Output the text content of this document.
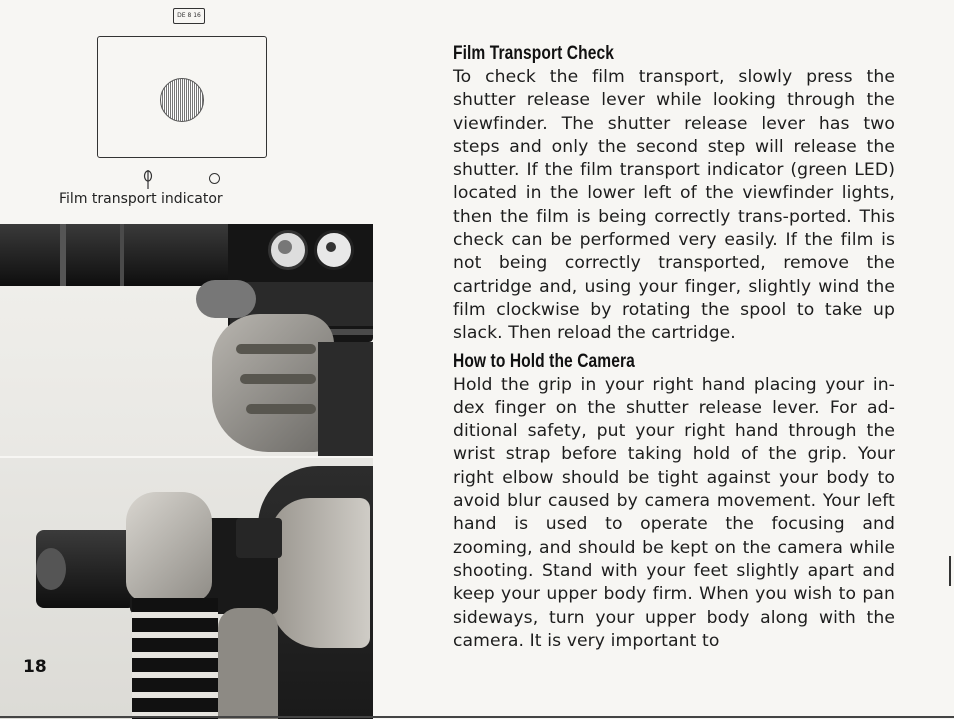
DE 8 16
Film transport indicator
18
Film Transport Check

To check the film transport, slowly press the shutter release lever while looking through the viewfinder. The shutter release lever has two steps and only the second step will release the shutter. If the film transport indicator (green LED) located in the lower left of the viewfinder lights, then the film is being correctly trans-ported. This check can be performed very easily. If the film is not being correctly transported, remove the cartridge and, using your finger, slightly wind the film clockwise by rotating the spool to take up slack. Then reload the cartridge.

How to Hold the Camera

Hold the grip in your right hand placing your in-dex finger on the shutter release lever. For ad-ditional safety, put your right hand through the wrist strap before taking hold of the grip. Your right elbow should be tight against your body to avoid blur caused by camera movement. Your left hand is used to operate the focusing and zooming, and should be kept on the camera while shooting. Stand with your feet slightly apart and keep your upper body firm. When you wish to pan sideways, turn your upper body along with the camera. It is very important to
